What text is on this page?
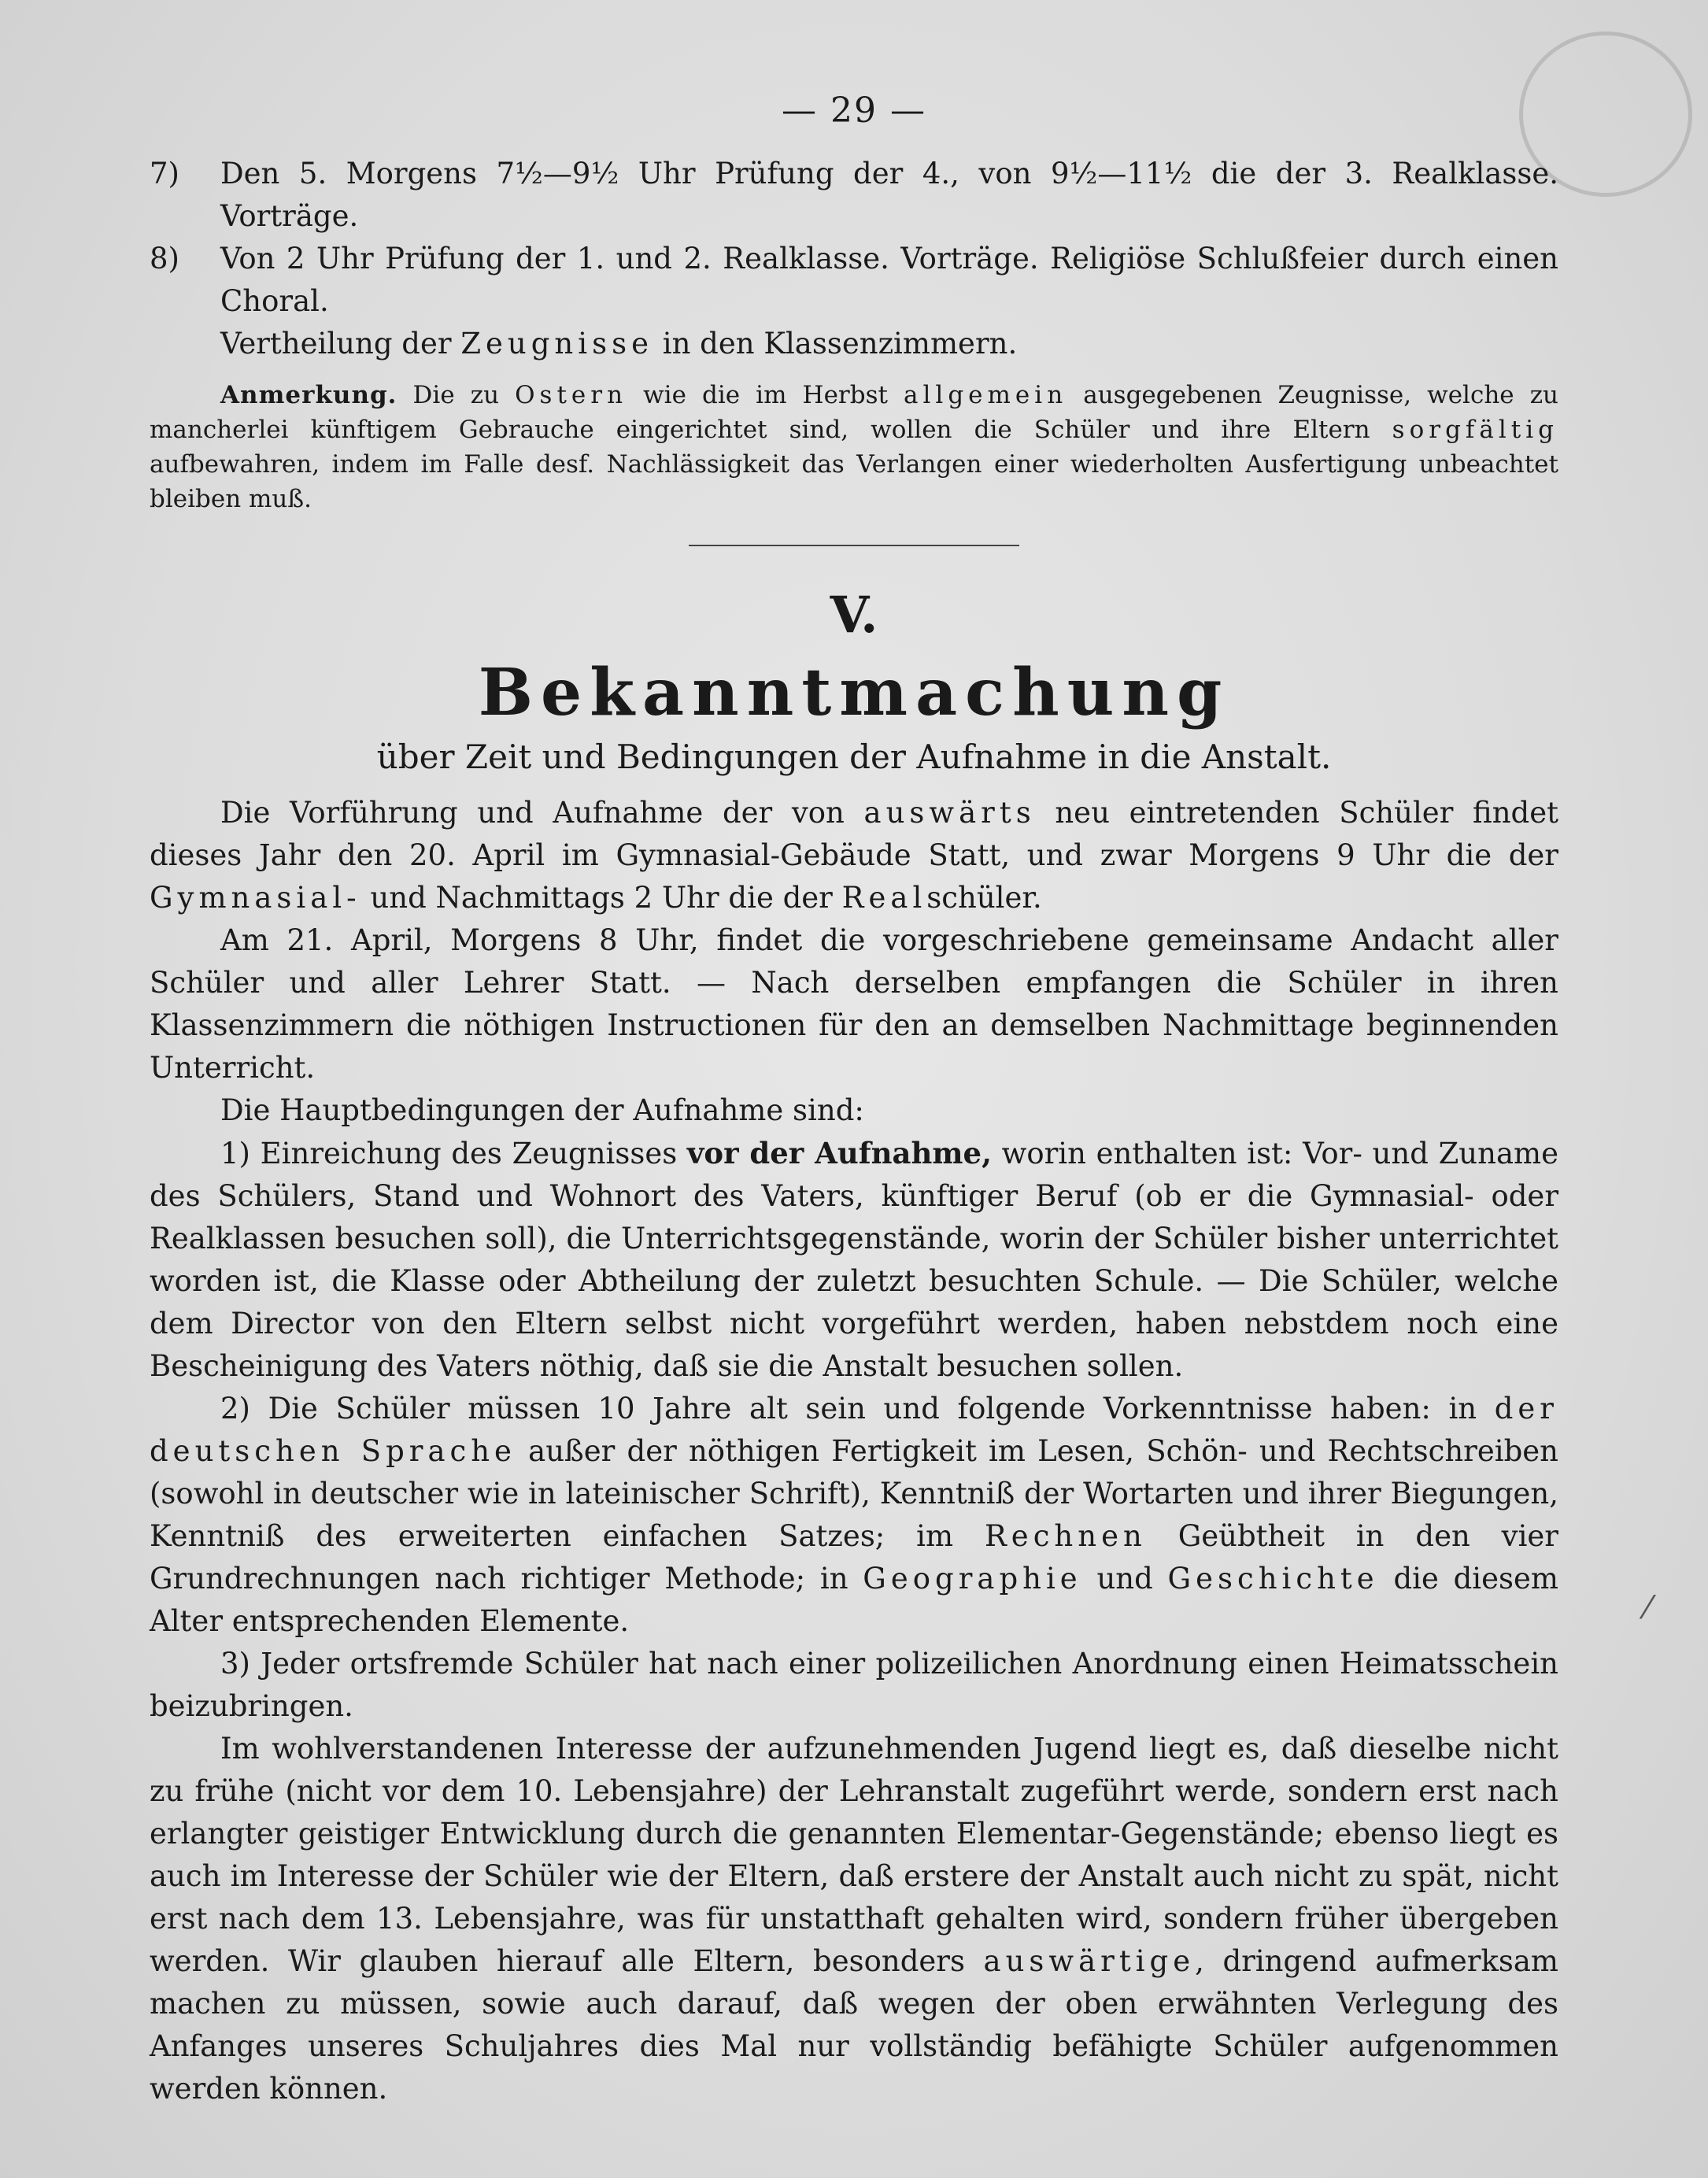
— 29 —
7) Den 5. Morgens 7½—9½ Uhr Prüfung der 4., von 9½—11½ die der 3. Realklasse. Vorträge.
8) Von 2 Uhr Prüfung der 1. und 2. Realklasse. Vorträge. Religiöse Schlußfeier durch einen Choral.

Vertheilung der Zeugnisse in den Klassenzimmern.

Anmerkung. Die zu Ostern wie die im Herbst allgemein ausgegebenen Zeugnisse, welche zu mancherlei künftigem Gebrauche eingerichtet sind, wollen die Schüler und ihre Eltern sorgfältig aufbewahren, indem im Falle desf. Nachlässigkeit das Verlangen einer wiederholten Ausfertigung unbeachtet bleiben muß.

V.
Bekanntmachung
über Zeit und Bedingungen der Aufnahme in die Anstalt.

Die Vorführung und Aufnahme der von auswärts neu eintretenden Schüler findet dieses Jahr den 20. April im Gymnasial-Gebäude Statt, und zwar Morgens 9 Uhr die der Gymnasial- und Nachmittags 2 Uhr die der Realschüler.

Am 21. April, Morgens 8 Uhr, findet die vorgeschriebene gemeinsame Andacht aller Schüler und aller Lehrer Statt. — Nach derselben empfangen die Schüler in ihren Klassenzimmern die nöthigen Instructionen für den an demselben Nachmittage beginnenden Unterricht.

Die Hauptbedingungen der Aufnahme sind:

1) Einreichung des Zeugnisses vor der Aufnahme, worin enthalten ist: Vor- und Zuname des Schülers, Stand und Wohnort des Vaters, künftiger Beruf (ob er die Gymnasial- oder Realklassen besuchen soll), die Unterrichtsgegenstände, worin der Schüler bisher unterrichtet worden ist, die Klasse oder Abtheilung der zuletzt besuchten Schule. — Die Schüler, welche dem Director von den Eltern selbst nicht vorgeführt werden, haben nebstdem noch eine Bescheinigung des Vaters nöthig, daß sie die Anstalt besuchen sollen.

2) Die Schüler müssen 10 Jahre alt sein und folgende Vorkenntnisse haben: in der deutschen Sprache außer der nöthigen Fertigkeit im Lesen, Schön- und Rechtschreiben (sowohl in deutscher wie in lateinischer Schrift), Kenntniß der Wortarten und ihrer Biegungen, Kenntniß des erweiterten einfachen Satzes; im Rechnen Geübtheit in den vier Grundrechnungen nach richtiger Methode; in Geographie und Geschichte die diesem Alter entsprechenden Elemente.

3) Jeder ortsfremde Schüler hat nach einer polizeilichen Anordnung einen Heimatsschein beizubringen.

Im wohlverstandenen Interesse der aufzunehmenden Jugend liegt es, daß dieselbe nicht zu frühe (nicht vor dem 10. Lebensjahre) der Lehranstalt zugeführt werde, sondern erst nach erlangter geistiger Entwicklung durch die genannten Elementar-Gegenstände; ebenso liegt es auch im Interesse der Schüler wie der Eltern, daß erstere der Anstalt auch nicht zu spät, nicht erst nach dem 13. Lebensjahre, was für unstatthaft gehalten wird, sondern früher übergeben werden. Wir glauben hierauf alle Eltern, besonders auswärtige, dringend aufmerksam machen zu müssen, sowie auch darauf, daß wegen der oben erwähnten Verlegung des Anfanges unseres Schuljahres dies Mal nur vollständig befähigte Schüler aufgenommen werden können.

⁄
